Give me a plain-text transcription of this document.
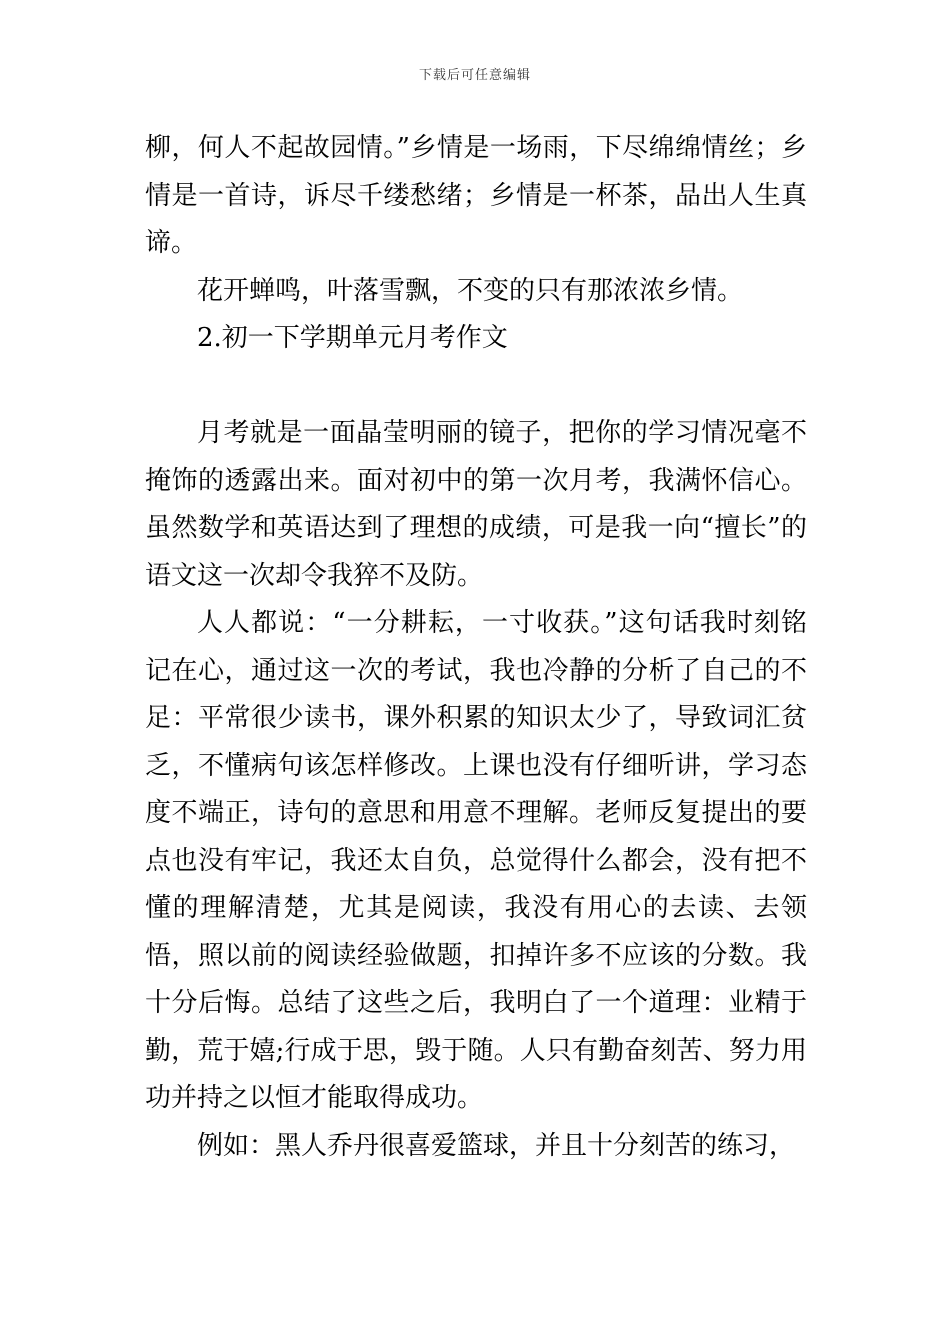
下载后可任意编辑

柳，何人不起故园情。”乡情是一场雨，下尽绵绵情丝；乡情是一首诗，诉尽千缕愁绪；乡情是一杯茶，品出人生真谛。

花开蝉鸣，叶落雪飘，不变的只有那浓浓乡情。

2.初一下学期单元月考作文

月考就是一面晶莹明丽的镜子，把你的学习情况毫不掩饰的透露出来。面对初中的第一次月考，我满怀信心。虽然数学和英语达到了理想的成绩，可是我一向“擅长”的语文这一次却令我猝不及防。

人人都说：“一分耕耘，一寸收获。”这句话我时刻铭记在心，通过这一次的考试，我也冷静的分析了自己的不足：平常很少读书，课外积累的知识太少了，导致词汇贫乏，不懂病句该怎样修改。上课也没有仔细听讲，学习态度不端正，诗句的意思和用意不理解。老师反复提出的要点也没有牢记，我还太自负，总觉得什么都会，没有把不懂的理解清楚，尤其是阅读，我没有用心的去读、去领悟，照以前的阅读经验做题，扣掉许多不应该的分数。我十分后悔。总结了这些之后，我明白了一个道理：业精于勤，荒于嬉;行成于思，毁于随。人只有勤奋刻苦、努力用功并持之以恒才能取得成功。

例如：黑人乔丹很喜爱篮球，并且十分刻苦的练习，
